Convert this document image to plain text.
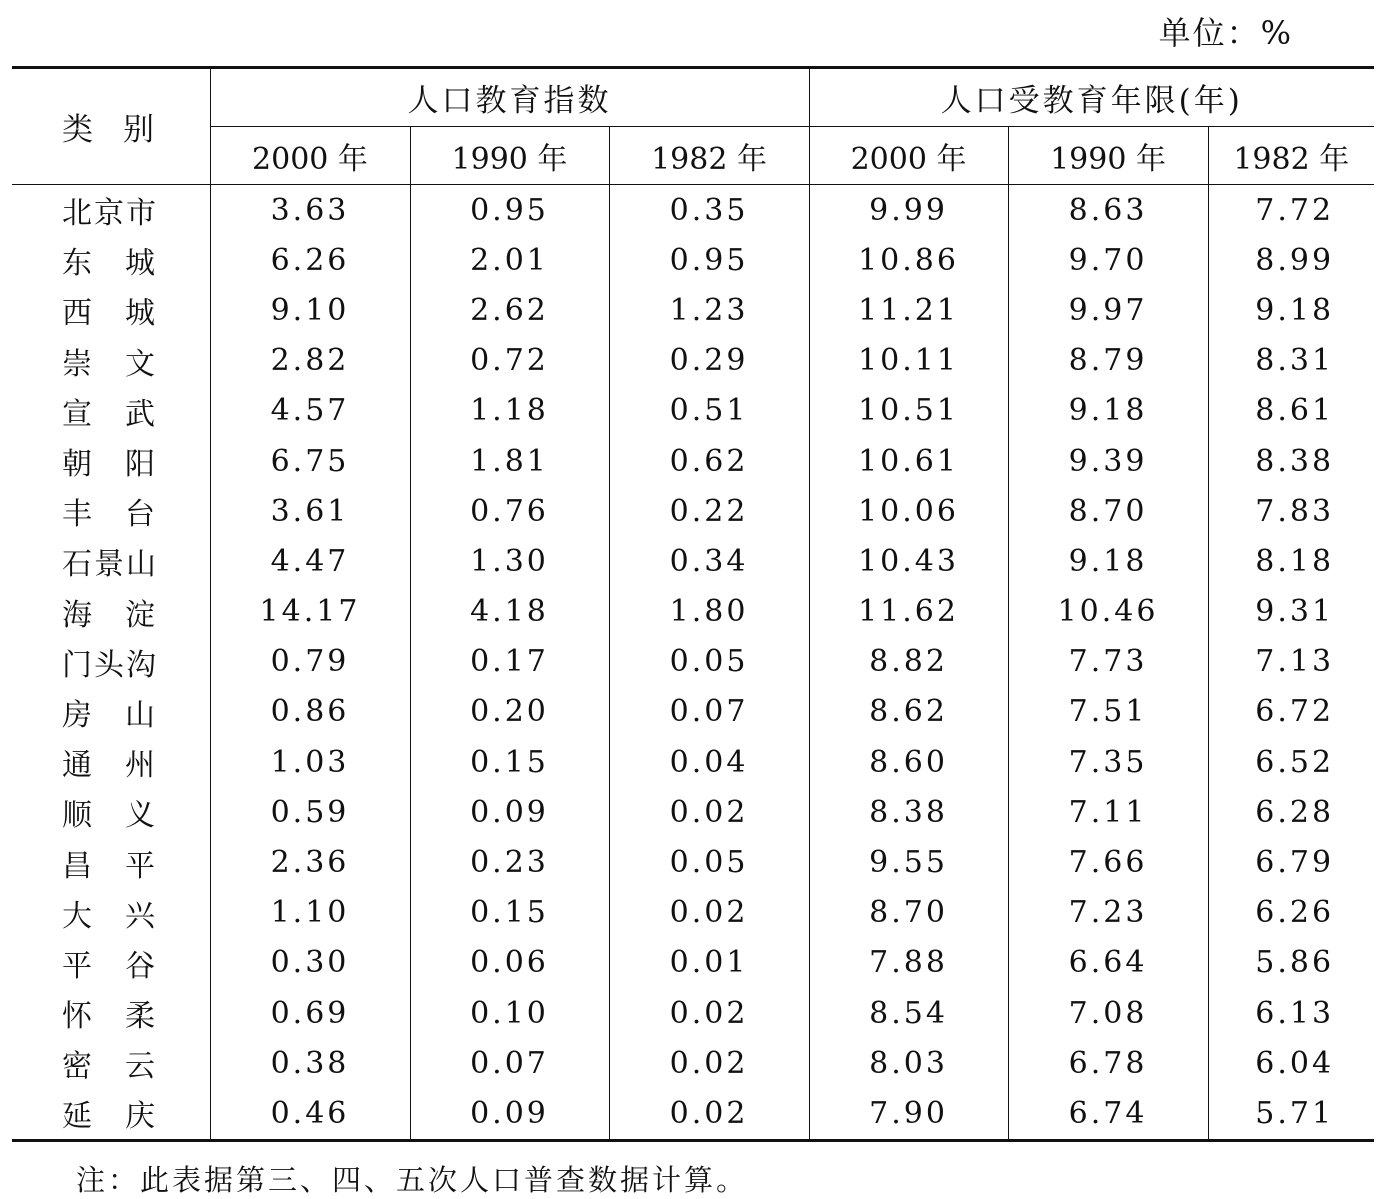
单位：%
类别	人口教育指数			人口受教育年限(年)		
	2000 年	1990 年	1982 年	2000 年	1990 年	1982 年
北京市	3.63	0.95	0.35	9.99	8.63	7.72
东城	6.26	2.01	0.95	10.86	9.70	8.99
西城	9.10	2.62	1.23	11.21	9.97	9.18
崇文	2.82	0.72	0.29	10.11	8.79	8.31
宣武	4.57	1.18	0.51	10.51	9.18	8.61
朝阳	6.75	1.81	0.62	10.61	9.39	8.38
丰台	3.61	0.76	0.22	10.06	8.70	7.83
石景山	4.47	1.30	0.34	10.43	9.18	8.18
海淀	14.17	4.18	1.80	11.62	10.46	9.31
门头沟	0.79	0.17	0.05	8.82	7.73	7.13
房山	0.86	0.20	0.07	8.62	7.51	6.72
通州	1.03	0.15	0.04	8.60	7.35	6.52
顺义	0.59	0.09	0.02	8.38	7.11	6.28
昌平	2.36	0.23	0.05	9.55	7.66	6.79
大兴	1.10	0.15	0.02	8.70	7.23	6.26
平谷	0.30	0.06	0.01	7.88	6.64	5.86
怀柔	0.69	0.10	0.02	8.54	7.08	6.13
密云	0.38	0.07	0.02	8.03	6.78	6.04
延庆	0.46	0.09	0.02	7.90	6.74	5.71
注：此表据第三、四、五次人口普查数据计算。
